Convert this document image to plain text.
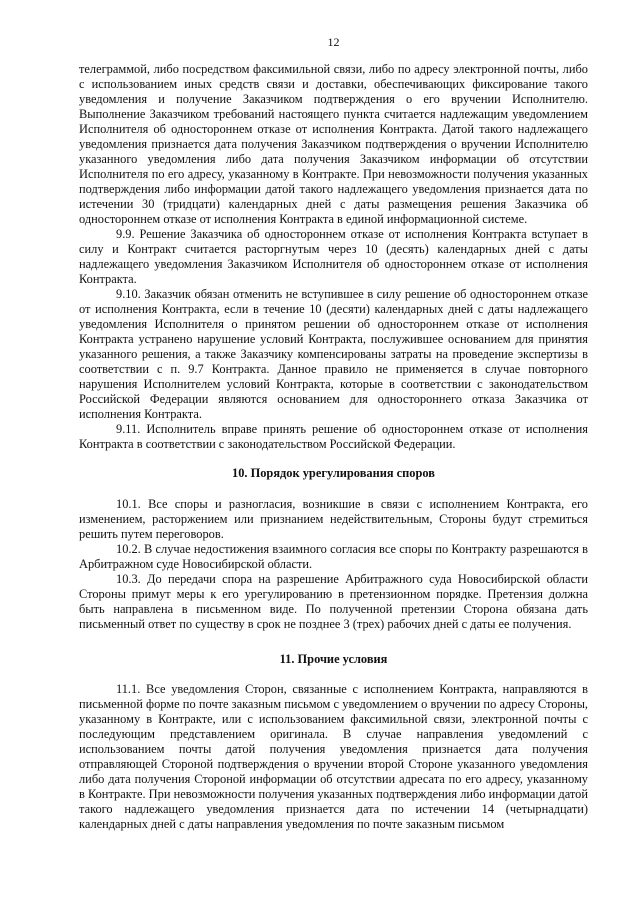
12

телеграммой, либо посредством факсимильной связи, либо по адресу электронной почты, либо с использованием иных средств связи и доставки, обеспечивающих фиксирование такого уведомления и получение Заказчиком подтверждения о его вручении Исполнителю. Выполнение Заказчиком требований настоящего пункта считается надлежащим уведомлением Исполнителя об одностороннем отказе от исполнения Контракта. Датой такого надлежащего уведомления признается дата получения Заказчиком подтверждения о вручении Исполнителю указанного уведомления либо дата получения Заказчиком информации об отсутствии Исполнителя по его адресу, указанному в Контракте. При невозможности получения указанных подтверждения либо информации датой такого надлежащего уведомления признается дата по истечении 30 (тридцати) календарных дней с даты размещения решения Заказчика об одностороннем отказе от исполнения Контракта в единой информационной системе.

9.9. Решение Заказчика об одностороннем отказе от исполнения Контракта вступает в силу и Контракт считается расторгнутым через 10 (десять) календарных дней с даты надлежащего уведомления Заказчиком Исполнителя об одностороннем отказе от исполнения Контракта.

9.10. Заказчик обязан отменить не вступившее в силу решение об одностороннем отказе от исполнения Контракта, если в течение 10 (десяти) календарных дней с даты надлежащего уведомления Исполнителя о принятом решении об одностороннем отказе от исполнения Контракта устранено нарушение условий Контракта, послужившее основанием для принятия указанного решения, а также Заказчику компенсированы затраты на проведение экспертизы в соответствии с п. 9.7 Контракта. Данное правило не применяется в случае повторного нарушения Исполнителем условий Контракта, которые в соответствии с законодательством Российской Федерации являются основанием для одностороннего отказа Заказчика от исполнения Контракта.

9.11. Исполнитель вправе принять решение об одностороннем отказе от исполнения Контракта в соответствии с законодательством Российской Федерации.

10. Порядок урегулирования споров

10.1. Все споры и разногласия, возникшие в связи с исполнением Контракта, его изменением, расторжением или признанием недействительным, Стороны будут стремиться решить путем переговоров.

10.2. В случае недостижения взаимного согласия все споры по Контракту разрешаются в Арбитражном суде Новосибирской области.

10.3. До передачи спора на разрешение Арбитражного суда Новосибирской области Стороны примут меры к его урегулированию в претензионном порядке. Претензия должна быть направлена в письменном виде. По полученной претензии Сторона обязана дать письменный ответ по существу в срок не позднее 3 (трех) рабочих дней с даты ее получения.

11. Прочие условия

11.1. Все уведомления Сторон, связанные с исполнением Контракта, направляются в письменной форме по почте заказным письмом с уведомлением о вручении по адресу Стороны, указанному в Контракте, или с использованием факсимильной связи, электронной почты с последующим представлением оригинала. В случае направления уведомлений с использованием почты датой получения уведомления признается дата получения отправляющей Стороной подтверждения о вручении второй Стороне указанного уведомления либо дата получения Стороной информации об отсутствии адресата по его адресу, указанному в Контракте. При невозможности получения указанных подтверждения либо информации датой такого надлежащего уведомления признается дата по истечении 14 (четырнадцати) календарных дней с даты направления уведомления по почте заказным письмом
